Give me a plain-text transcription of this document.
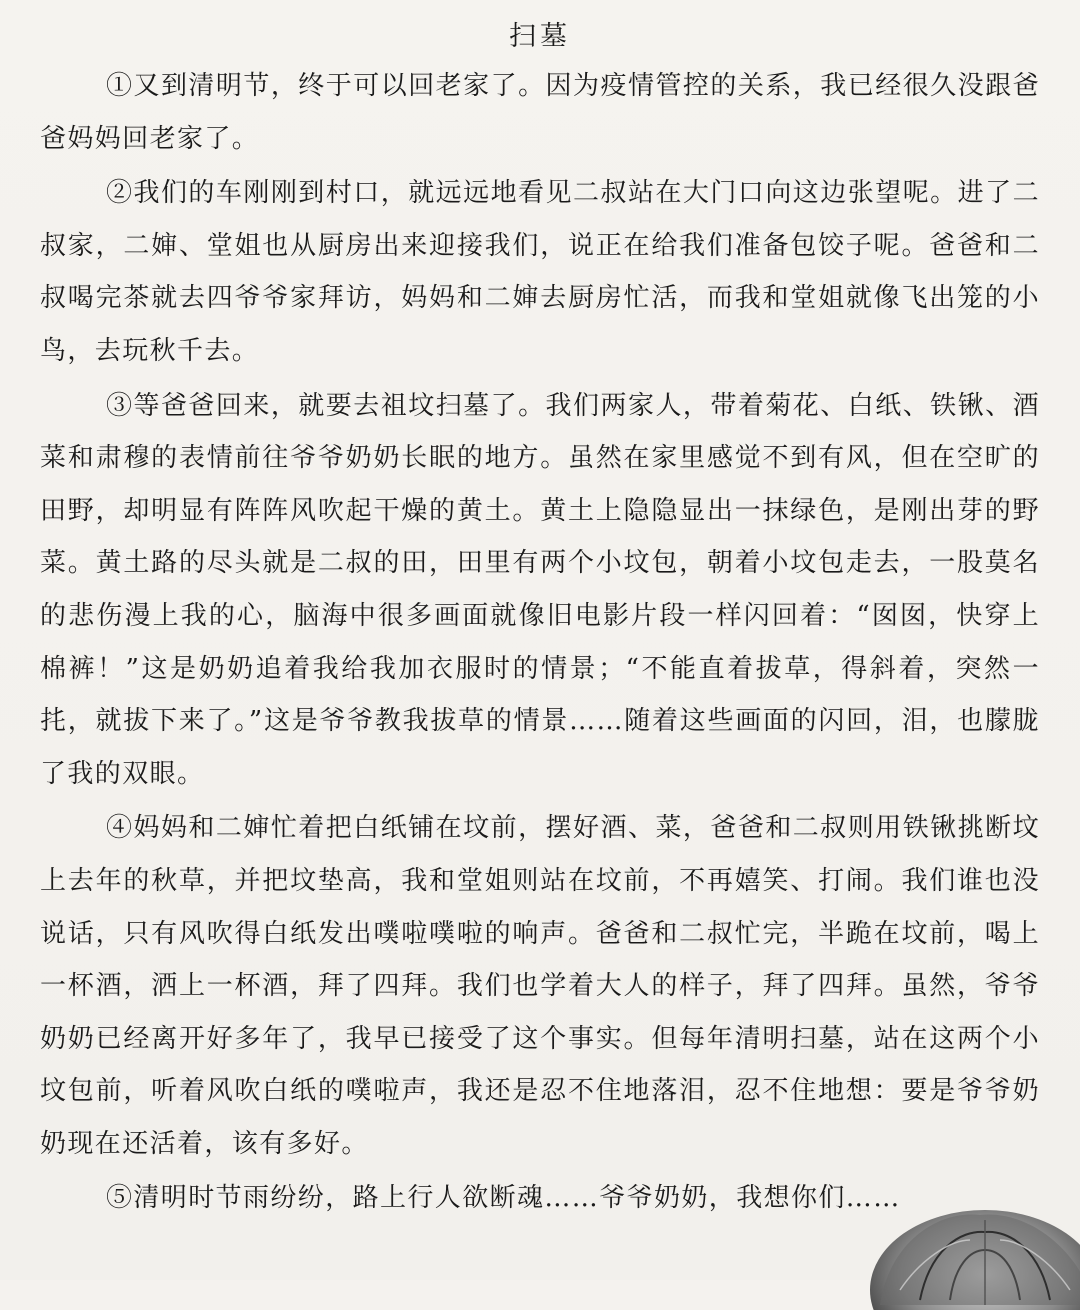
扫墓

①又到清明节，终于可以回老家了。因为疫情管控的关系，我已经很久没跟爸爸妈妈回老家了。

②我们的车刚刚到村口，就远远地看见二叔站在大门口向这边张望呢。进了二叔家，二婶、堂姐也从厨房出来迎接我们，说正在给我们准备包饺子呢。爸爸和二叔喝完茶就去四爷爷家拜访，妈妈和二婶去厨房忙活，而我和堂姐就像飞出笼的小鸟，去玩秋千去。

③等爸爸回来，就要去祖坟扫墓了。我们两家人，带着菊花、白纸、铁锹、酒菜和肃穆的表情前往爷爷奶奶长眠的地方。虽然在家里感觉不到有风，但在空旷的田野，却明显有阵阵风吹起干燥的黄土。黄土上隐隐显出一抹绿色，是刚出芽的野菜。黄土路的尽头就是二叔的田，田里有两个小坟包，朝着小坟包走去，一股莫名的悲伤漫上我的心，脑海中很多画面就像旧电影片段一样闪回着：“囡囡，快穿上棉裤！”这是奶奶追着我给我加衣服时的情景；“不能直着拔草，得斜着，突然一扥，就拔下来了。”这是爷爷教我拔草的情景……随着这些画面的闪回，泪，也朦胧了我的双眼。

④妈妈和二婶忙着把白纸铺在坟前，摆好酒、菜，爸爸和二叔则用铁锹挑断坟上去年的秋草，并把坟垫高，我和堂姐则站在坟前，不再嬉笑、打闹。我们谁也没说话，只有风吹得白纸发出噗啦噗啦的响声。爸爸和二叔忙完，半跪在坟前，喝上一杯酒，洒上一杯酒，拜了四拜。我们也学着大人的样子，拜了四拜。虽然，爷爷奶奶已经离开好多年了，我早已接受了这个事实。但每年清明扫墓，站在这两个小坟包前，听着风吹白纸的噗啦声，我还是忍不住地落泪，忍不住地想：要是爷爷奶奶现在还活着，该有多好。

⑤清明时节雨纷纷，路上行人欲断魂……爷爷奶奶，我想你们……
